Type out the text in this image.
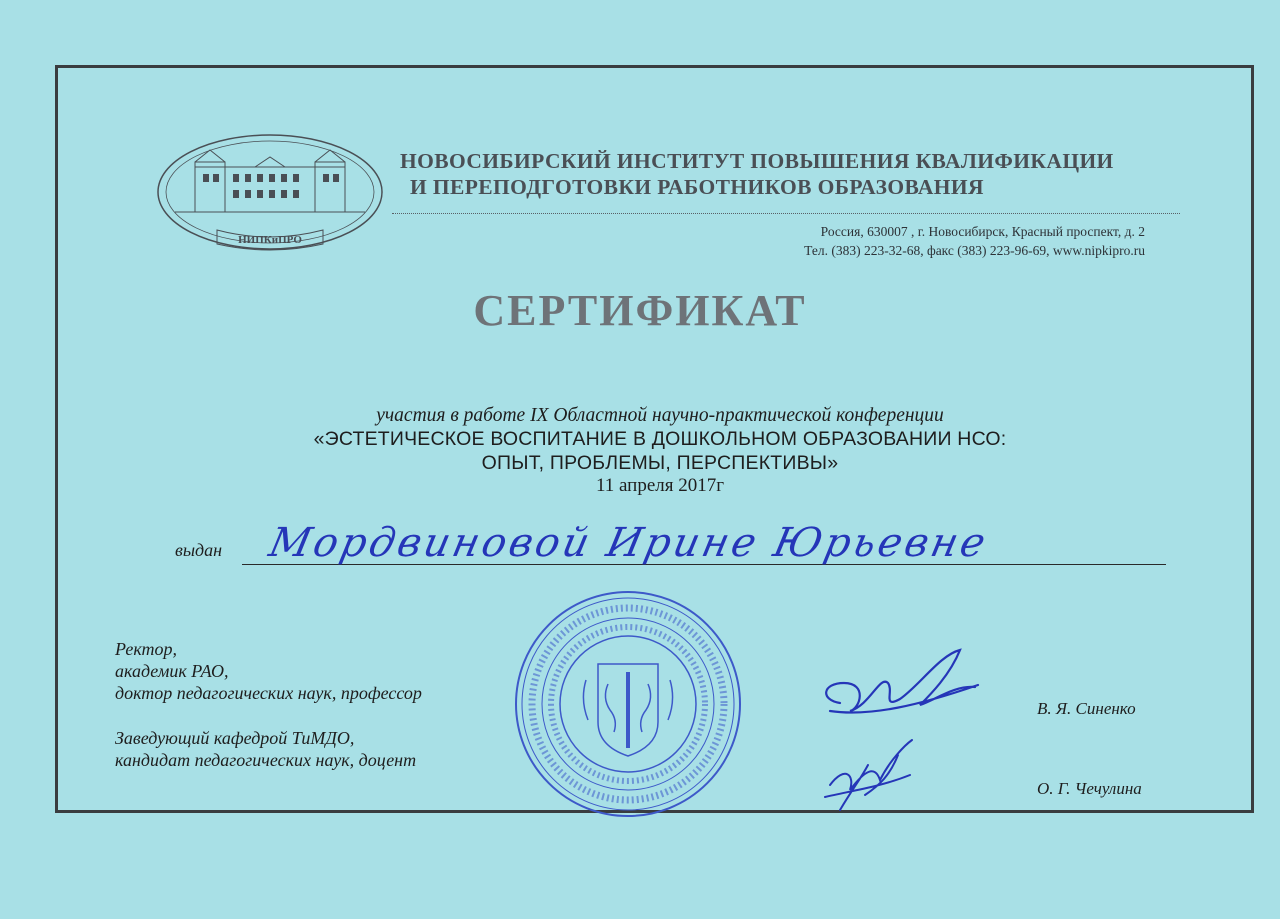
НИПКиПРО
НОВОСИБИРСКИЙ ИНСТИТУТ ПОВЫШЕНИЯ КВАЛИФИКАЦИИ
И ПЕРЕПОДГОТОВКИ РАБОТНИКОВ ОБРАЗОВАНИЯ
Россия, 630007 , г. Новосибирск, Красный проспект, д. 2
Тел. (383) 223-32-68, факс (383) 223-96-69, www.nipkipro.ru
СЕРТИФИКАТ
участия в работе IX Областной научно-практической конференции
«ЭСТЕТИЧЕСКОЕ ВОСПИТАНИЕ В ДОШКОЛЬНОМ ОБРАЗОВАНИИ НСО:
ОПЫТ, ПРОБЛЕМЫ, ПЕРСПЕКТИВЫ»
11 апреля 2017г
выдан Мордвиновой Ирине Юрьевне
Ректор,
академик РАО,
доктор педагогических наук, профессор
Заведующий кафедрой ТиМДО,
кандидат педагогических наук, доцент
В. Я. Синенко
О. Г. Чечулина
